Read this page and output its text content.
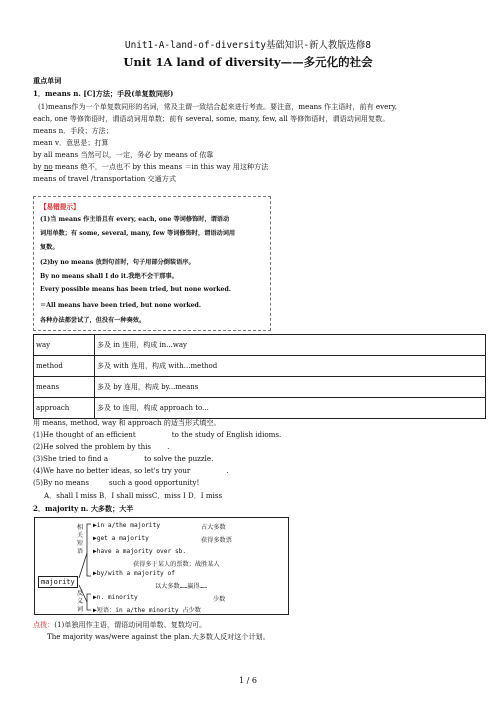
Unit1-A-land-of-diversity基础知识-新人教版选修8
Unit 1A land of diversity——多元化的社会
重点单词
1．means n. [C]方法；手段(单复数同形)
(1)means作为一个单复数同形的名词，常及主谓一致结合起来进行考查。要注意，means 作主语时，前有 every,
each, one 等修饰语时，谓语动词用单数；前有 several, some, many, few, all 等修饰语时，谓语动词用复数。
means n．手段；方法；
mean v．意思是；打算
by all means 当然可以，一定，务必 by means of 依靠
by no means 绝不，一点也不 by this means ＝in this way 用这种方法
means of travel /transportation 交通方式
【易错提示】
(1)当 means 作主语且有 every, each, one 等词修饰时，谓语动
词用单数；有 some, several, many, few 等词修饰时，谓语动词用
复数。
(2)by no means 放到句首时，句子用部分倒装语序。
By no means shall I do it.我绝不会干那事。
Every possible means has been tried, but none worked.
＝All means have been tried, but none worked.
各种办法都尝试了，但没有一种奏效。
way	多及 in 连用，构成 in...way
method	多及 with 连用，构成 with...method
means	多及 by 连用，构成 by...means
approach	多及 to 连用，构成 approach to...
用 means, method, way 和 approach 的适当形式填空。
(1)He thought of an efficient	to the study of English idioms.
(2)He solved the problem by this .
(3)She tried to find a	to solve the puzzle.
(4)We have no better ideas, so let's try your	.
(5)By no means	such a good opportunity!
A．shall I miss B．I shall missC．miss I D．I miss
2．majority n. 大多数；大半
majority
相关短语
反义词
▶in a/the majority	占大多数
▶get a majority	获得多数票
▶have a majority over sb.
获得多于某人的票数；战胜某人
▶by/with a majority of
以大多数……赢得……
▶n. minority	少数
▶短语：in a/the minority 占少数
点拨：(1)单独用作主语，谓语动词用单数、复数均可。
The majority was/were against the plan.大多数人反对这个计划。
1 / 6
